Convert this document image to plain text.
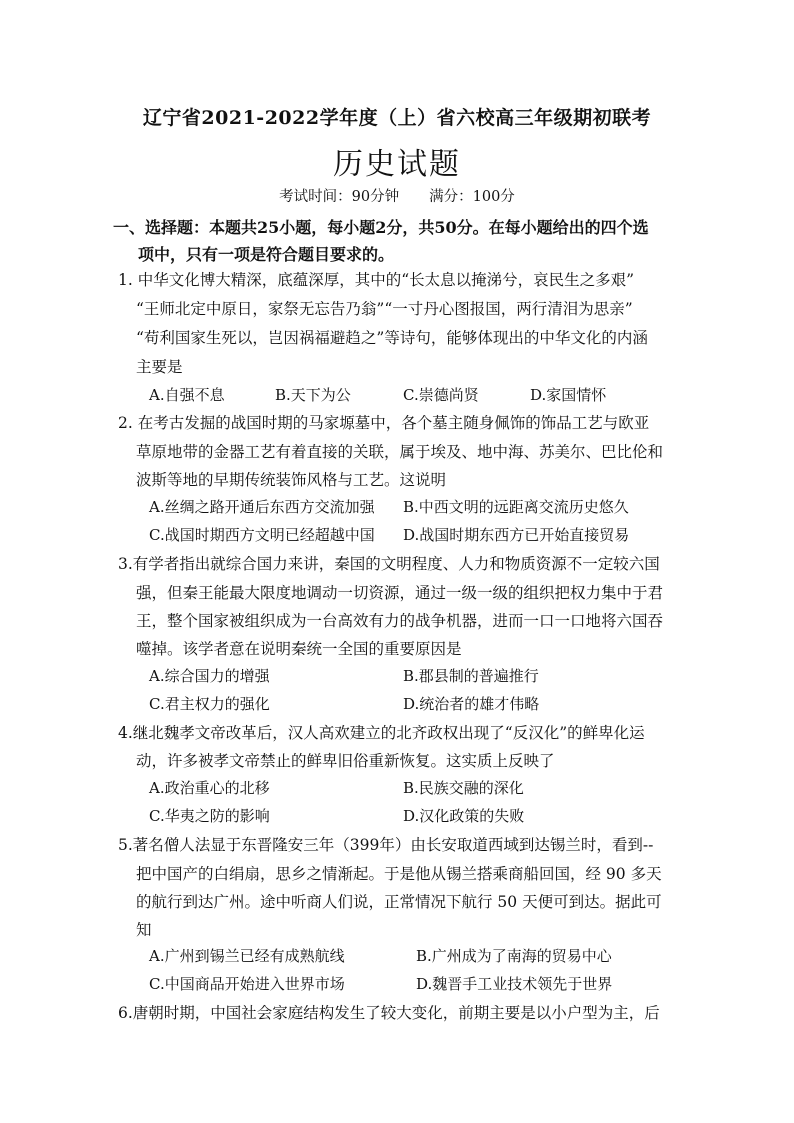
辽宁省2021-2022学年度（上）省六校高三年级期初联考
历史试题
考试时间：90分钟 满分：100分
一、选择题：本题共25小题，每小题2分，共50分。在每小题给出的四个选
项中，只有一项是符合题目要求的。
1. 中华文化博大精深，底蕴深厚，其中的“长太息以掩涕兮，哀民生之多艰”
“王师北定中原日，家祭无忘告乃翁”“一寸丹心图报国，两行清泪为思亲”
“苟利国家生死以，岂因祸福避趋之”等诗句，能够体现出的中华文化的内涵
主要是
A.自强不息	B.天下为公	C.崇德尚贤	D.家国情怀
2. 在考古发掘的战国时期的马家塬墓中，各个墓主随身佩饰的饰品工艺与欧亚
草原地带的金器工艺有着直接的关联，属于埃及、地中海、苏美尔、巴比伦和
波斯等地的早期传统装饰风格与工艺。这说明
A.丝绸之路开通后东西方交流加强 B.中西文明的远距离交流历史悠久
C.战国时期西方文明已经超越中国 D.战国时期东西方已开始直接贸易
3.有学者指出就综合国力来讲，秦国的文明程度、人力和物质资源不一定较六国
强，但秦王能最大限度地调动一切资源，通过一级一级的组织把权力集中于君
王，整个国家被组织成为一台高效有力的战争机器，进而一口一口地将六国吞
噬掉。该学者意在说明秦统一全国的重要原因是
A.综合国力的增强	B.郡县制的普遍推行
C.君主权力的强化	D.统治者的雄才伟略
4.继北魏孝文帝改革后，汉人高欢建立的北齐政权出现了“反汉化”的鲜卑化运
动，许多被孝文帝禁止的鲜卑旧俗重新恢复。这实质上反映了
A.政治重心的北移	B.民族交融的深化
C.华夷之防的影响	D.汉化政策的失败
5.著名僧人法显于东晋隆安三年（399年）由长安取道西域到达锡兰时，看到--
把中国产的白绢扇，思乡之情渐起。于是他从锡兰搭乘商船回国，经 90 多天
的航行到达广州。途中听商人们说，正常情况下航行 50 天便可到达。据此可
知
A.广州到锡兰已经有成熟航线	B.广州成为了南海的贸易中心
C.中国商品开始进入世界市场	D.魏晋手工业技术领先于世界
6.唐朝时期，中国社会家庭结构发生了较大变化，前期主要是以小户型为主，后
